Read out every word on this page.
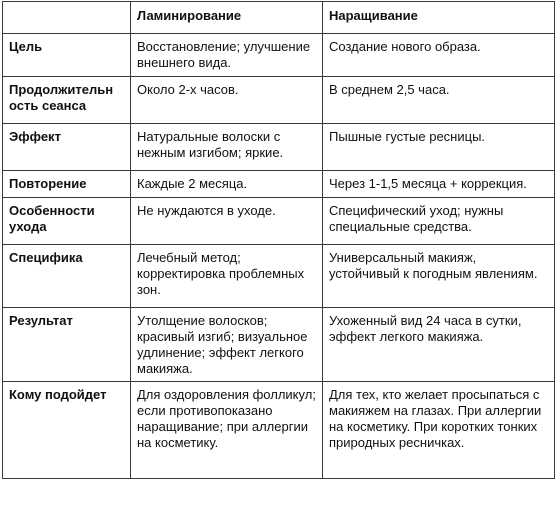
	Ламинирование	Наращивание
Цель	Восстановление; улучшение внешнего вида.	Создание нового образа.
Продолжительн ость сеанса	Около 2-х часов.	В среднем 2,5 часа.
Эффект	Натуральные волоски с нежным изгибом; яркие.	Пышные густые ресницы.
Повторение	Каждые 2 месяца.	Через 1-1,5 месяца + коррекция.
Особенности ухода	Не нуждаются в уходе.	Специфический уход; нужны специальные средства.
Специфика	Лечебный метод; корректировка проблемных зон.	Универсальный макияж, устойчивый к погодным явлениям.
Результат	Утолщение волосков; красивый изгиб; визуальное удлинение; эффект легкого макияжа.	Ухоженный вид 24 часа в сутки, эффект легкого макияжа.
Кому подойдет	Для оздоровления фолликул; если противопоказано наращивание; при аллергии на косметику.	Для тех, кто желает просыпаться с макияжем на глазах. При аллергии на косметику. При коротких тонких природных ресничках.
